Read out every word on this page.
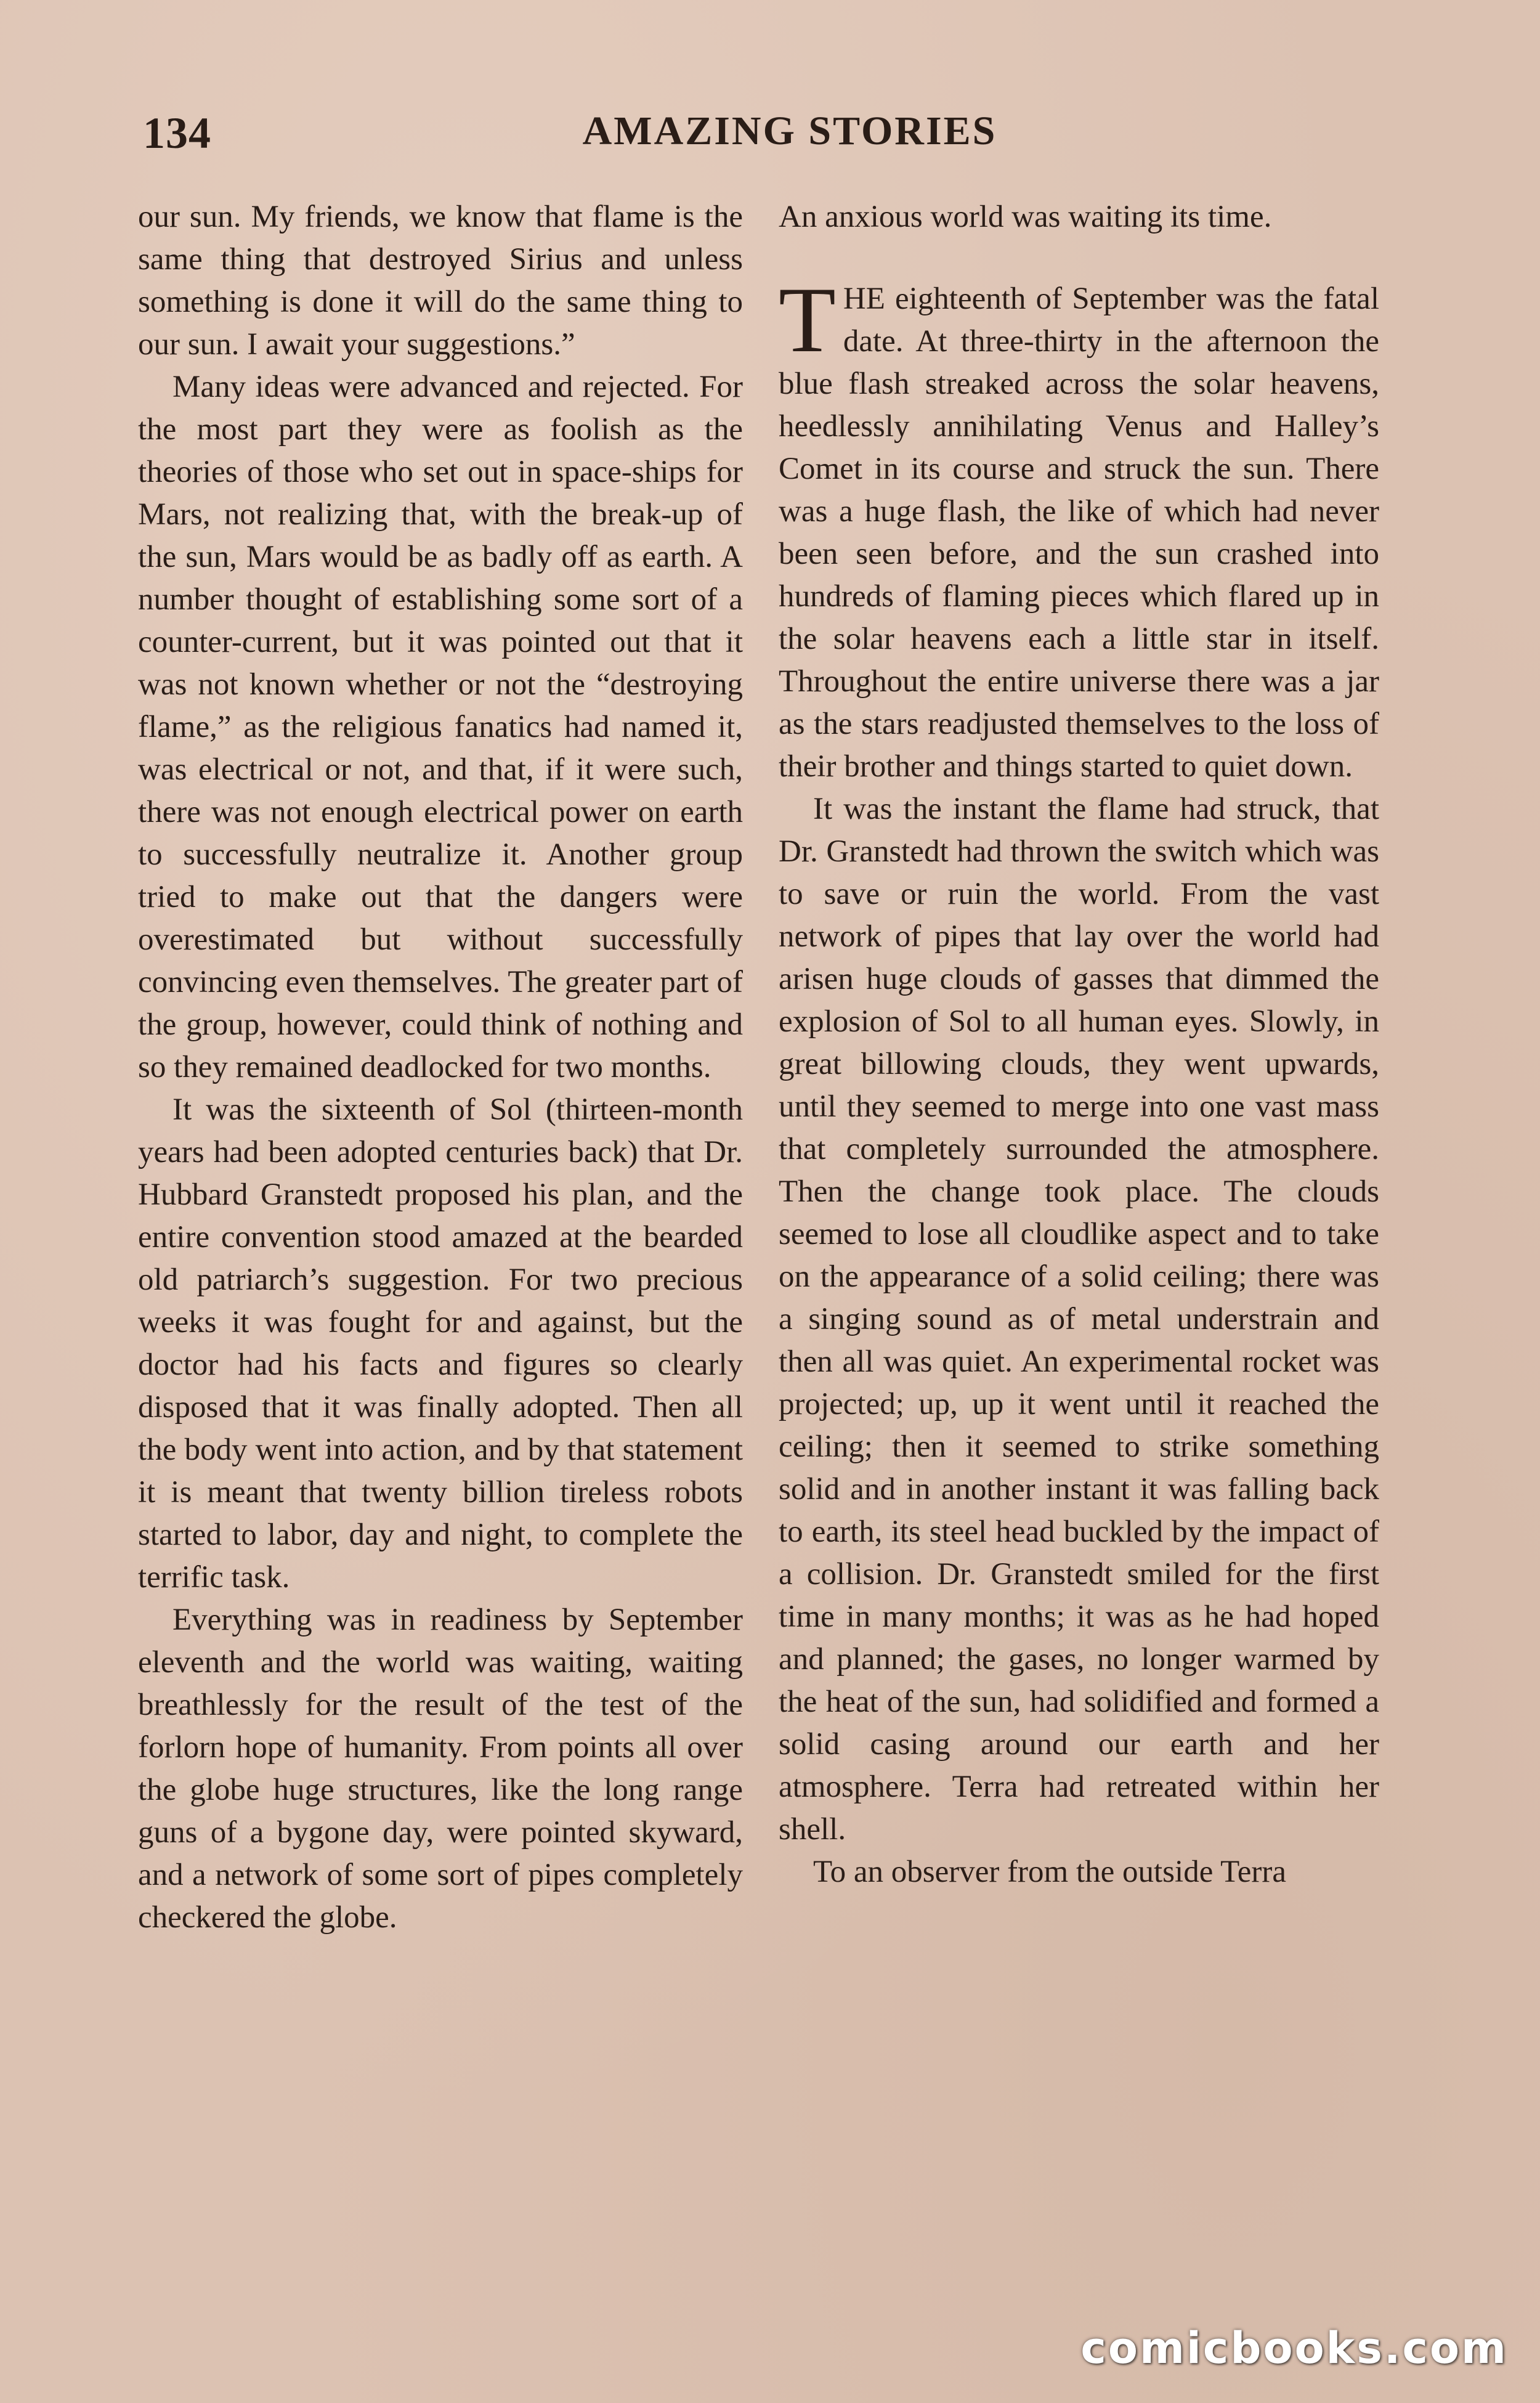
134	AMAZING STORIES

our sun. My friends, we know that flame is the same thing that destroyed Sirius and unless something is done it will do the same thing to our sun. I await your suggestions.”

Many ideas were advanced and rejected. For the most part they were as foolish as the theories of those who set out in space-ships for Mars, not realizing that, with the break-up of the sun, Mars would be as badly off as earth. A number thought of establishing some sort of a counter-current, but it was pointed out that it was not known whether or not the “destroying flame,” as the religious fanatics had named it, was electrical or not, and that, if it were such, there was not enough electrical power on earth to successfully neutralize it. Another group tried to make out that the dangers were overestimated but without successfully convincing even themselves. The greater part of the group, however, could think of nothing and so they remained deadlocked for two months.

It was the sixteenth of Sol (thirteen-month years had been adopted centuries back) that Dr. Hubbard Granstedt proposed his plan, and the entire convention stood amazed at the bearded old patriarch’s suggestion. For two precious weeks it was fought for and against, but the doctor had his facts and figures so clearly disposed that it was finally adopted. Then all the body went into action, and by that statement it is meant that twenty billion tireless robots started to labor, day and night, to complete the terrific task.

Everything was in readiness by September eleventh and the world was waiting, waiting breathlessly for the result of the test of the forlorn hope of humanity. From points all over the globe huge structures, like the long range guns of a bygone day, were pointed skyward, and a network of some sort of pipes completely checkered the globe.

An anxious world was waiting its time.

THE eighteenth of September was the fatal date. At three-thirty in the afternoon the blue flash streaked across the solar heavens, heedlessly annihilating Venus and Halley’s Comet in its course and struck the sun. There was a huge flash, the like of which had never been seen before, and the sun crashed into hundreds of flaming pieces which flared up in the solar heavens each a little star in itself. Throughout the entire universe there was a jar as the stars readjusted themselves to the loss of their brother and things started to quiet down.

It was the instant the flame had struck, that Dr. Granstedt had thrown the switch which was to save or ruin the world. From the vast network of pipes that lay over the world had arisen huge clouds of gasses that dimmed the explosion of Sol to all human eyes. Slowly, in great billowing clouds, they went upwards, until they seemed to merge into one vast mass that completely surrounded the atmosphere. Then the change took place. The clouds seemed to lose all cloudlike aspect and to take on the appearance of a solid ceiling; there was a singing sound as of metal understrain and then all was quiet. An experimental rocket was projected; up, up it went until it reached the ceiling; then it seemed to strike something solid and in another instant it was falling back to earth, its steel head buckled by the impact of a collision. Dr. Granstedt smiled for the first time in many months; it was as he had hoped and planned; the gases, no longer warmed by the heat of the sun, had solidified and formed a solid casing around our earth and her atmosphere. Terra had retreated within her shell.

To an observer from the outside Terra

comicbooks.com
